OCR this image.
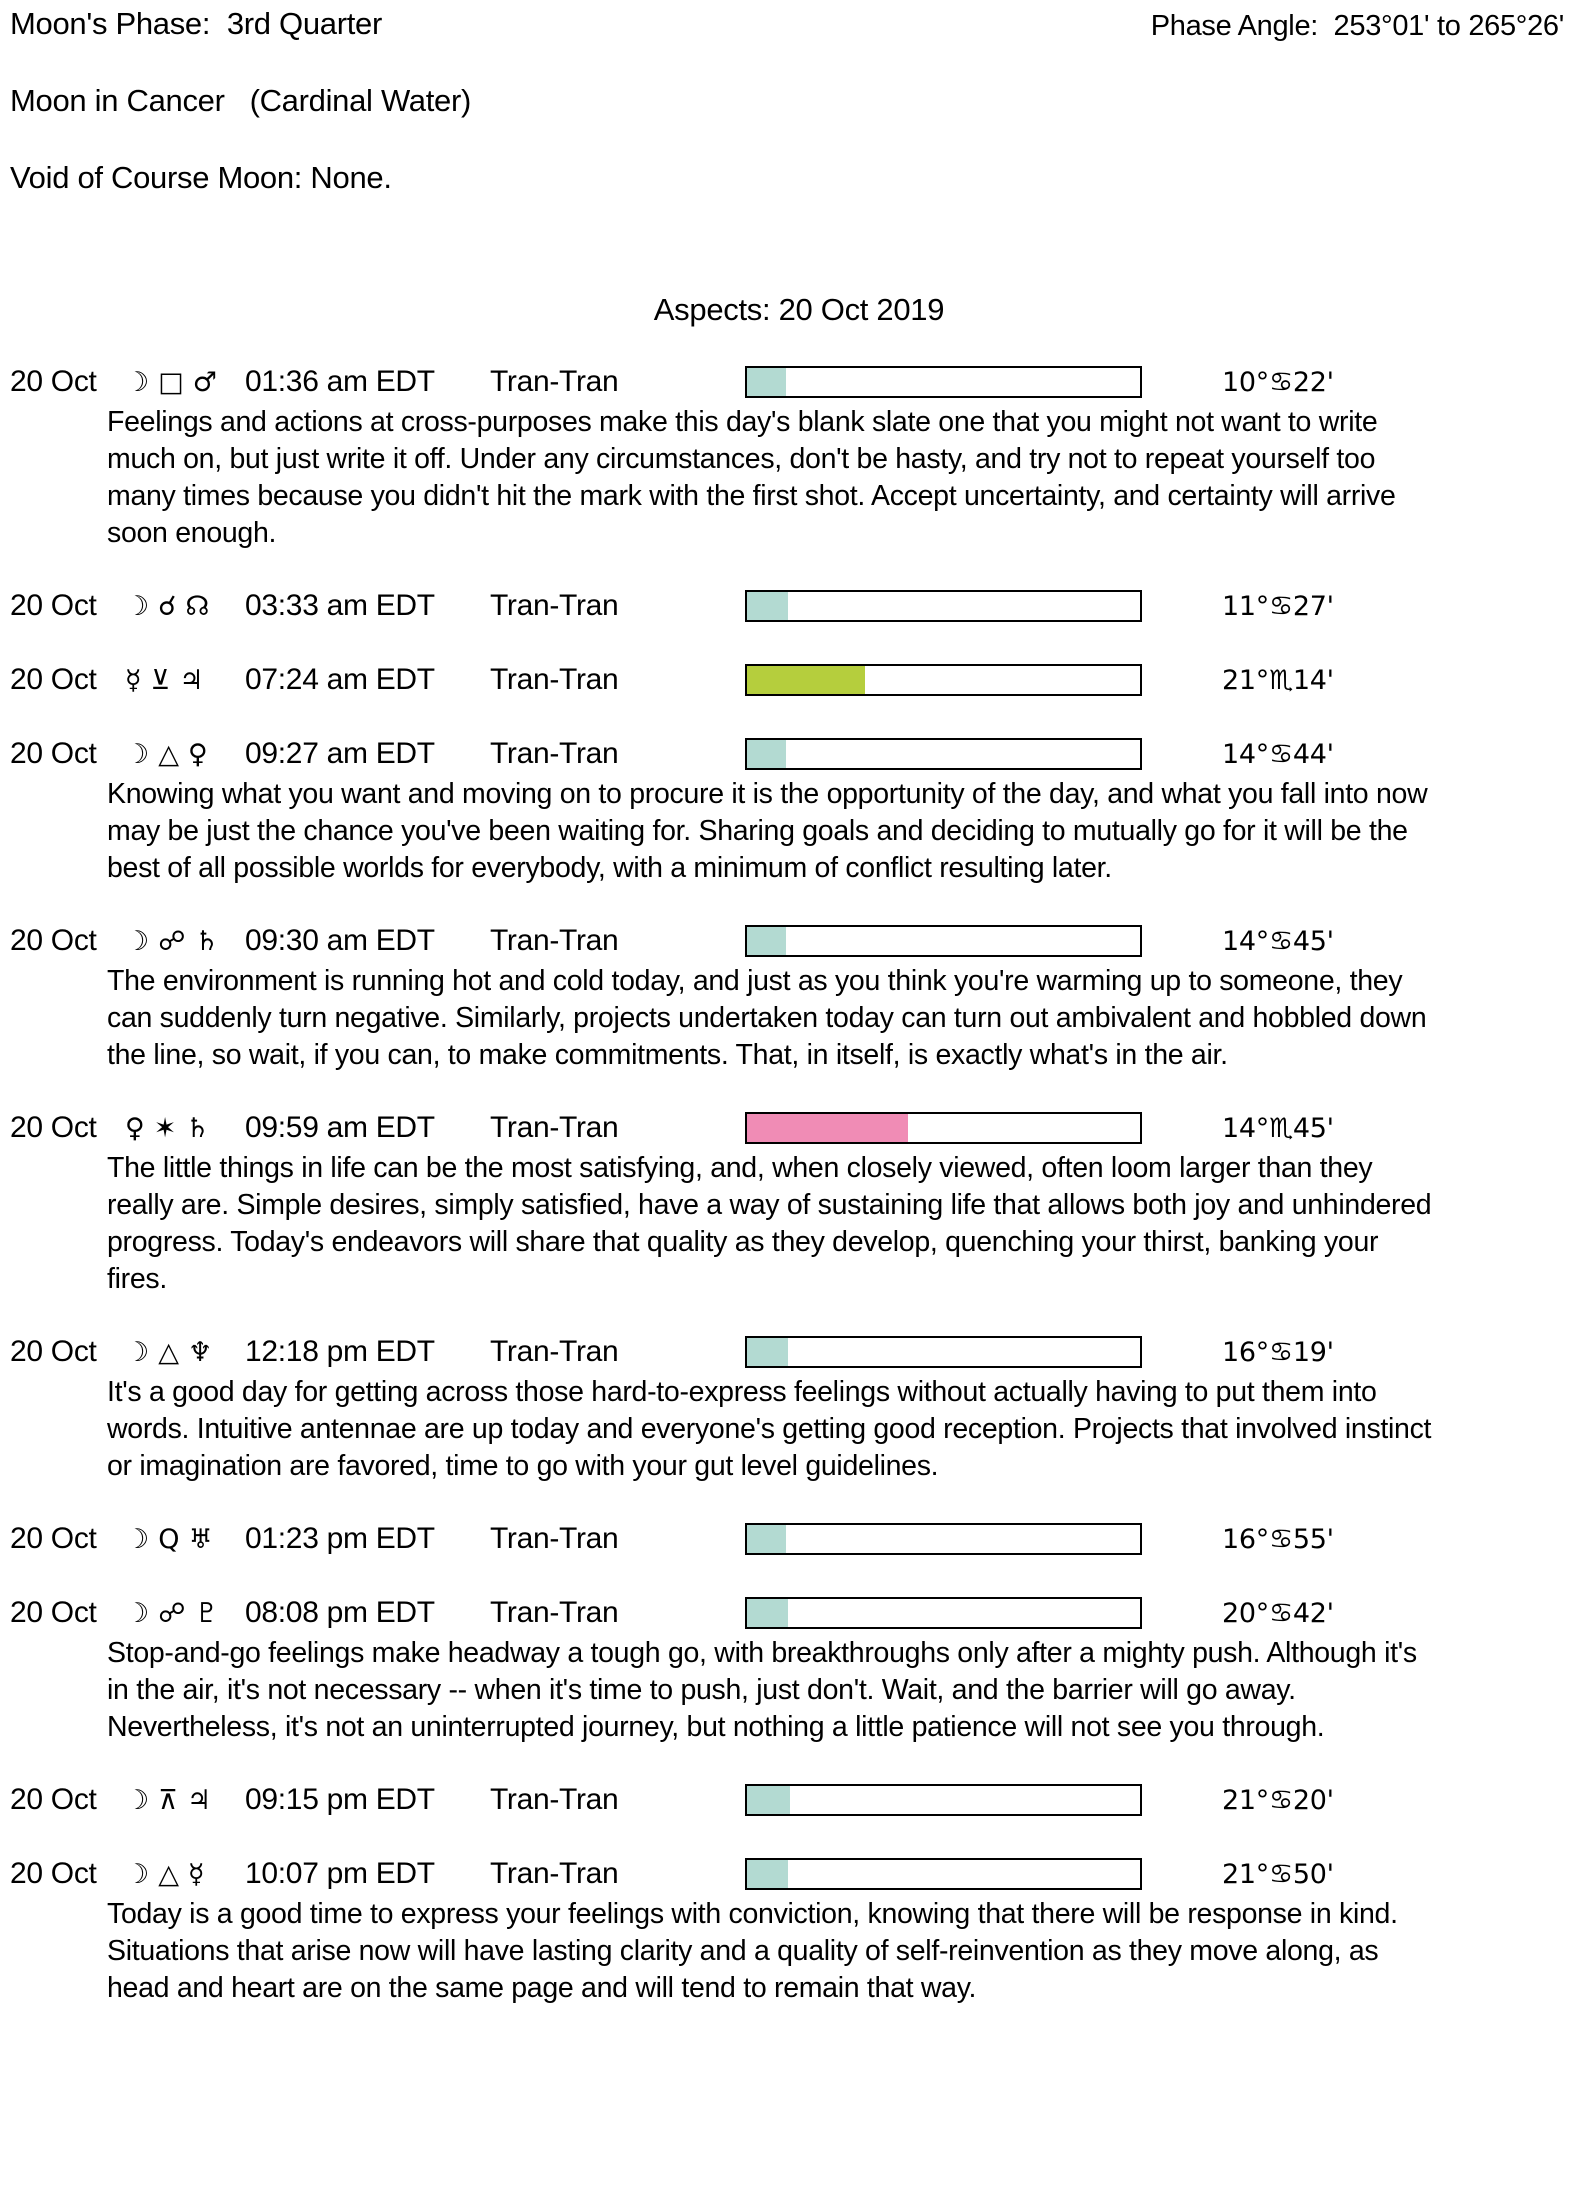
Moon's Phase:  3rd Quarter	Phase Angle:  253°01' to 265°26'
Moon in Cancer   (Cardinal Water)
Void of Course Moon: None.
Aspects: 20 Oct 2019
20 Oct	☽ □ ♂ 01:36 am EDT	Tran-Tran	10°♋22'
Feelings and actions at cross-purposes make this day's blank slate one that you might not want to write much on, but just write it off. Under any circumstances, don't be hasty, and try not to repeat yourself too many times because you didn't hit the mark with the first shot. Accept uncertainty, and certainty will arrive soon enough.
20 Oct	☽ ☌ ☊ 03:33 am EDT	Tran-Tran	11°♋27'
20 Oct	☿ ⊻ ♃ 07:24 am EDT	Tran-Tran	21°♏14'
20 Oct	☽ △ ♀ 09:27 am EDT	Tran-Tran	14°♋44'
Knowing what you want and moving on to procure it is the opportunity of the day, and what you fall into now may be just the chance you've been waiting for. Sharing goals and deciding to mutually go for it will be the best of all possible worlds for everybody, with a minimum of conflict resulting later.
20 Oct	☽ ☍ ♄ 09:30 am EDT	Tran-Tran	14°♋45'
The environment is running hot and cold today, and just as you think you're warming up to someone, they can suddenly turn negative. Similarly, projects undertaken today can turn out ambivalent and hobbled down the line, so wait, if you can, to make commitments. That, in itself, is exactly what's in the air.
20 Oct	♀ ✶ ♄ 09:59 am EDT	Tran-Tran	14°♏45'
The little things in life can be the most satisfying, and, when closely viewed, often loom larger than they really are. Simple desires, simply satisfied, have a way of sustaining life that allows both joy and unhindered progress. Today's endeavors will share that quality as they develop, quenching your thirst, banking your fires.
20 Oct	☽ △ ♆ 12:18 pm EDT	Tran-Tran	16°♋19'
It's a good day for getting across those hard-to-express feelings without actually having to put them into words. Intuitive antennae are up today and everyone's getting good reception. Projects that involved instinct or imagination are favored, time to go with your gut level guidelines.
20 Oct	☽ Q ♅ 01:23 pm EDT	Tran-Tran	16°♋55'
20 Oct	☽ ☍ ♇ 08:08 pm EDT	Tran-Tran	20°♋42'
Stop-and-go feelings make headway a tough go, with breakthroughs only after a mighty push. Although it's in the air, it's not necessary -- when it's time to push, just don't. Wait, and the barrier will go away. Nevertheless, it's not an uninterrupted journey, but nothing a little patience will not see you through.
20 Oct	☽ ⊼ ♃ 09:15 pm EDT	Tran-Tran	21°♋20'
20 Oct	☽ △ ☿ 10:07 pm EDT	Tran-Tran	21°♋50'
Today is a good time to express your feelings with conviction, knowing that there will be response in kind. Situations that arise now will have lasting clarity and a quality of self-reinvention as they move along, as head and heart are on the same page and will tend to remain that way.
